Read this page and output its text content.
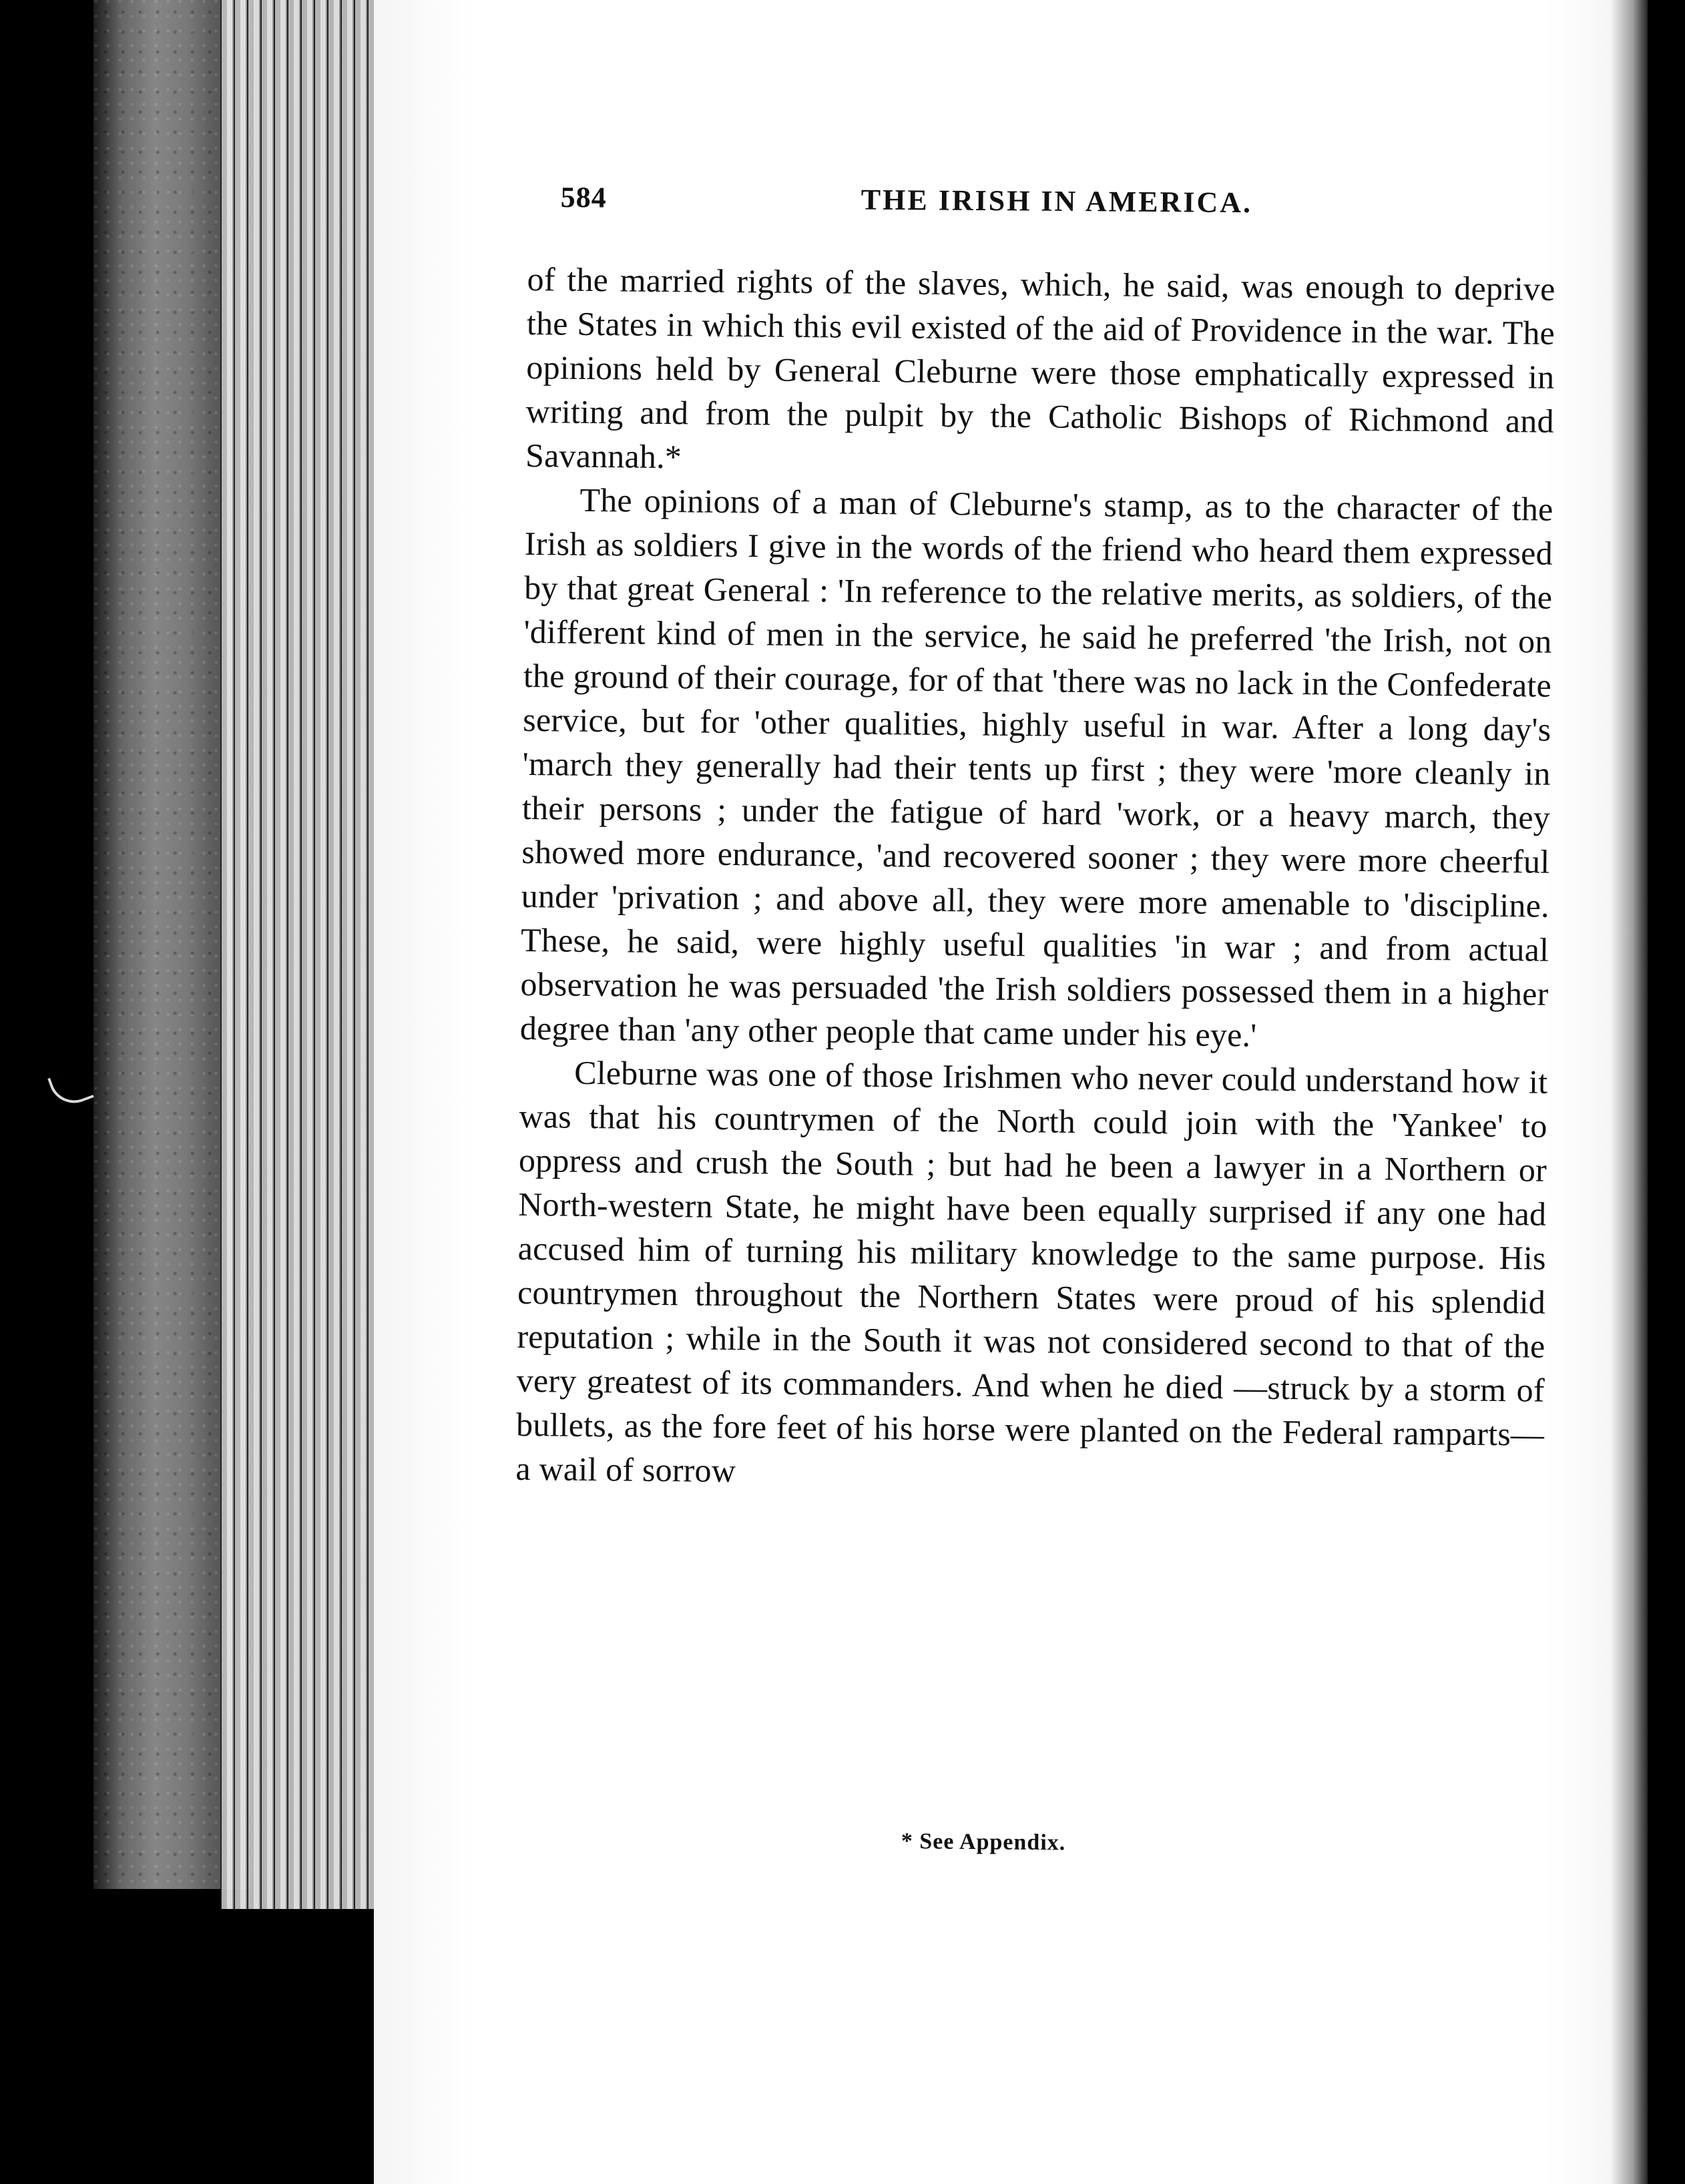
584	THE IRISH IN AMERICA.

of the married rights of the slaves, which, he said, was enough to deprive the States in which this evil existed of the aid of Providence in the war. The opinions held by General Cleburne were those emphatically expressed in writing and from the pulpit by the Catholic Bishops of Richmond and Savannah.*

The opinions of a man of Cleburne's stamp, as to the character of the Irish as soldiers I give in the words of the friend who heard them expressed by that great General : 'In reference to the relative merits, as soldiers, of the 'different kind of men in the service, he said he preferred 'the Irish, not on the ground of their courage, for of that 'there was no lack in the Confederate service, but for 'other qualities, highly useful in war. After a long day's 'march they generally had their tents up first ; they were 'more cleanly in their persons ; under the fatigue of hard 'work, or a heavy march, they showed more endurance, 'and recovered sooner ; they were more cheerful under 'privation ; and above all, they were more amenable to 'discipline. These, he said, were highly useful qualities 'in war ; and from actual observation he was persuaded 'the Irish soldiers possessed them in a higher degree than 'any other people that came under his eye.'

Cleburne was one of those Irishmen who never could understand how it was that his countrymen of the North could join with the 'Yankee' to oppress and crush the South ; but had he been a lawyer in a Northern or North-western State, he might have been equally surprised if any one had accused him of turning his military knowledge to the same purpose. His countrymen throughout the Northern States were proud of his splendid reputation ; while in the South it was not considered second to that of the very greatest of its commanders. And when he died —struck by a storm of bullets, as the fore feet of his horse were planted on the Federal ramparts—a wail of sorrow

* See Appendix.
